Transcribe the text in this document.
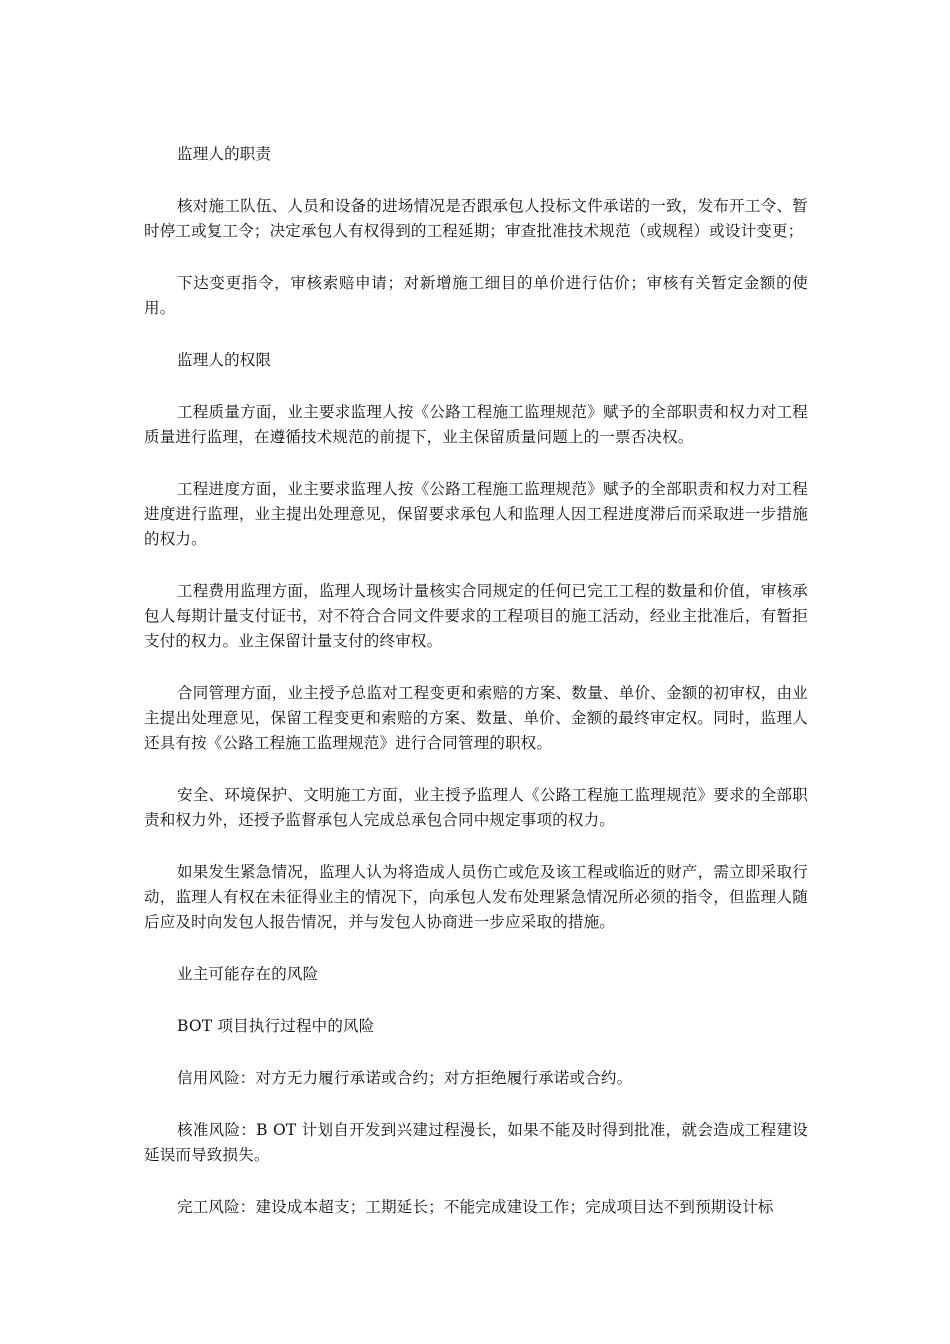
监理人的职责

核对施工队伍、人员和设备的进场情况是否跟承包人投标文件承诺的一致，发布开工令、暂时停工或复工令；决定承包人有权得到的工程延期；审查批准技术规范（或规程）或设计变更；

下达变更指令，审核索赔申请；对新增施工细目的单价进行估价；审核有关暂定金额的使用。

监理人的权限

工程质量方面，业主要求监理人按《公路工程施工监理规范》赋予的全部职责和权力对工程质量进行监理，在遵循技术规范的前提下，业主保留质量问题上的一票否决权。

工程进度方面，业主要求监理人按《公路工程施工监理规范》赋予的全部职责和权力对工程进度进行监理，业主提出处理意见，保留要求承包人和监理人因工程进度滞后而采取进一步措施的权力。

工程费用监理方面，监理人现场计量核实合同规定的任何已完工工程的数量和价值，审核承包人每期计量支付证书，对不符合合同文件要求的工程项目的施工活动，经业主批准后，有暂拒支付的权力。业主保留计量支付的终审权。

合同管理方面，业主授予总监对工程变更和索赔的方案、数量、单价、金额的初审权，由业主提出处理意见，保留工程变更和索赔的方案、数量、单价、金额的最终审定权。同时，监理人还具有按《公路工程施工监理规范》进行合同管理的职权。

安全、环境保护、文明施工方面，业主授予监理人《公路工程施工监理规范》要求的全部职责和权力外，还授予监督承包人完成总承包合同中规定事项的权力。

如果发生紧急情况，监理人认为将造成人员伤亡或危及该工程或临近的财产，需立即采取行动，监理人有权在未征得业主的情况下，向承包人发布处理紧急情况所必须的指令，但监理人随后应及时向发包人报告情况，并与发包人协商进一步应采取的措施。

业主可能存在的风险

BOT 项目执行过程中的风险

信用风险：对方无力履行承诺或合约；对方拒绝履行承诺或合约。

核准风险：B OT 计划自开发到兴建过程漫长，如果不能及时得到批准，就会造成工程建设延误而导致损失。

完工风险：建设成本超支；工期延长；不能完成建设工作；完成项目达不到预期设计标
